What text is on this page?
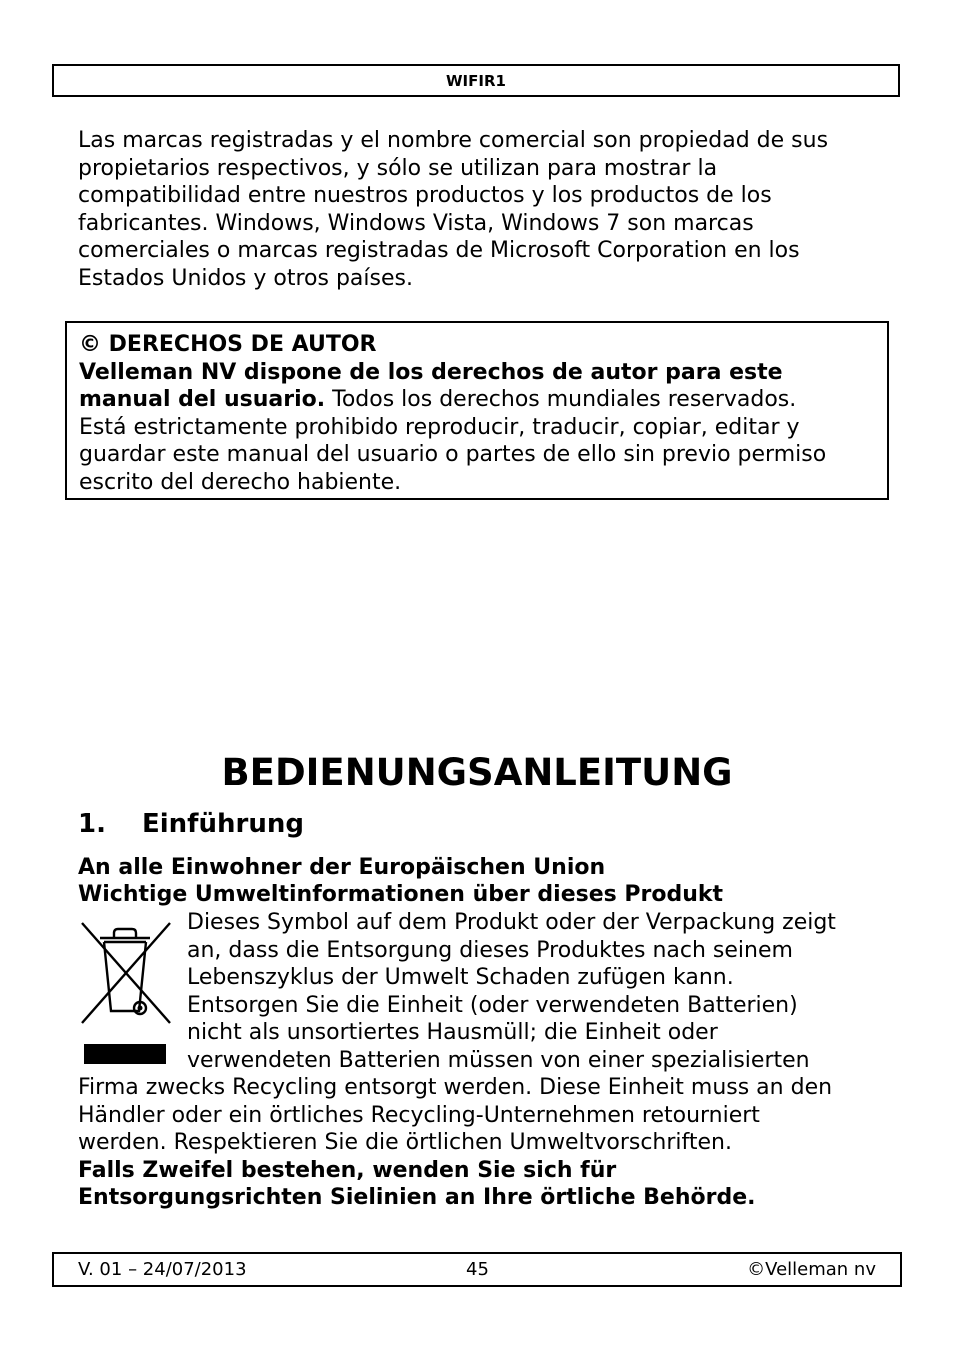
WIFIR1

Las marcas registradas y el nombre comercial son propiedad de sus
propietarios respectivos, y sólo se utilizan para mostrar la
compatibilidad entre nuestros productos y los productos de los
fabricantes. Windows, Windows Vista, Windows 7 son marcas
comerciales o marcas registradas de Microsoft Corporation en los
Estados Unidos y otros países.

© DERECHOS DE AUTOR
Velleman NV dispone de los derechos de autor para este
manual del usuario. Todos los derechos mundiales reservados.
Está estrictamente prohibido reproducir, traducir, copiar, editar y
guardar este manual del usuario o partes de ello sin previo permiso
escrito del derecho habiente.
BEDIENUNGSANLEITUNG
1. Einführung

An alle Einwohner der Europäischen Union

Wichtige Umweltinformationen über dieses Produkt

Dieses Symbol auf dem Produkt oder der Verpackung zeigt
an, dass die Entsorgung dieses Produktes nach seinem
Lebenszyklus der Umwelt Schaden zufügen kann.
Entsorgen Sie die Einheit (oder verwendeten Batterien)
nicht als unsortiertes Hausmüll; die Einheit oder
verwendeten Batterien müssen von einer spezialisierten

Firma zwecks Recycling entsorgt werden. Diese Einheit muss an den
Händler oder ein örtliches Recycling-Unternehmen retourniert
werden. Respektieren Sie die örtlichen Umweltvorschriften.
Falls Zweifel bestehen, wenden Sie sich für
Entsorgungsrichten Sielinien an Ihre örtliche Behörde.

V. 01 – 24/07/2013	45	©Velleman nv
